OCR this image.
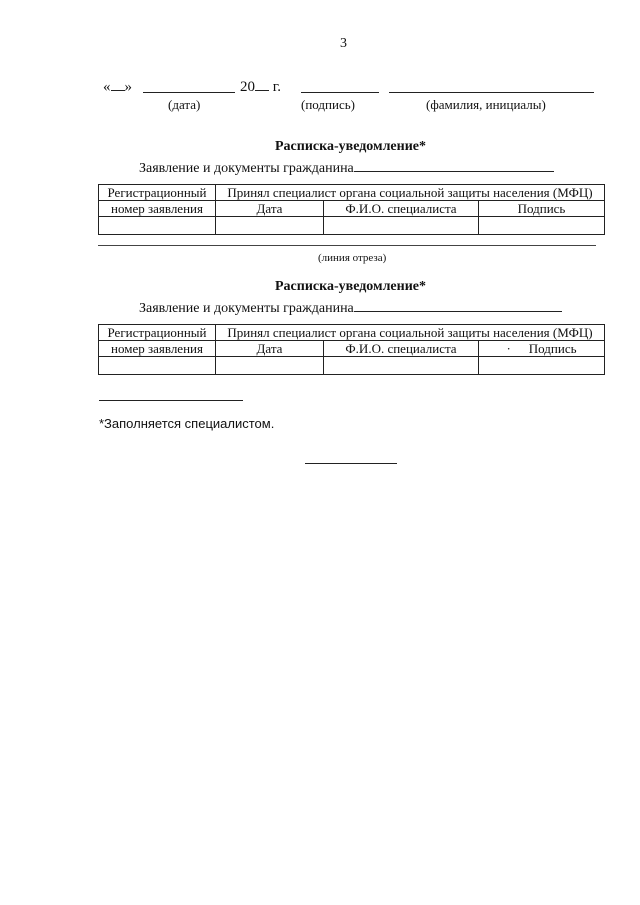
3
« »	20 г.
(дата)	(подпись)	(фамилия, инициалы)
Расписка-уведомление*
Заявление и документы гражданина
Регистрационный	Принял специалист органа социальной защиты населения (МФЦ)		
номер заявления	Дата	Ф.И.О. специалиста	Подпись

(линия отреза)
Расписка-уведомление*
Заявление и документы гражданина
Регистрационный	Принял специалист органа социальной защиты населения (МФЦ)		
номер заявления	Дата	Ф.И.О. специалиста	· Подпись

*Заполняется специалистом.
